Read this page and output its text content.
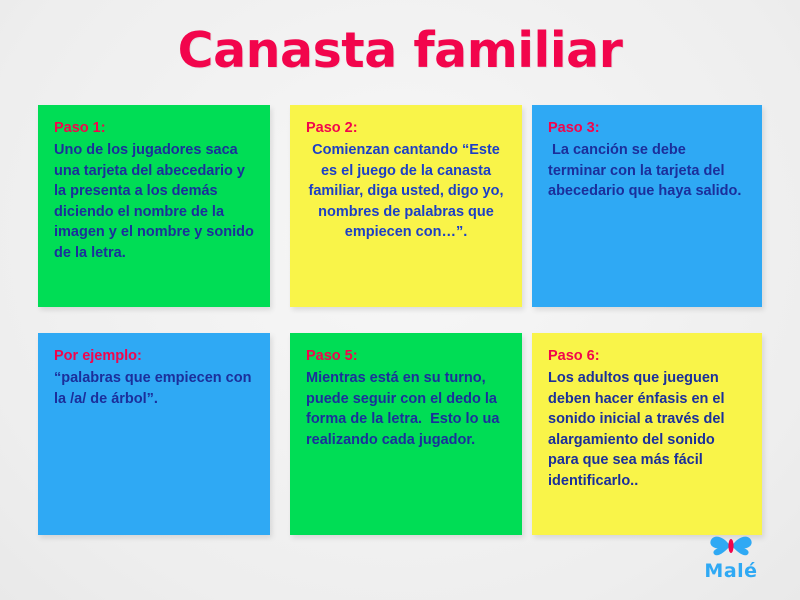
Canasta familiar
Paso 1:
Uno de los jugadores saca una tarjeta del abecedario y la presenta a los demás diciendo el nombre de la imagen y el nombre y sonido de la letra.
Paso 2:
Comienzan cantando “Este es el juego de la canasta familiar, diga usted, digo yo, nombres de palabras que empiecen con…”.
Paso 3:
La canción se debe terminar con la tarjeta del abecedario que haya salido.
Por ejemplo:
“palabras que empiecen con la /a/ de árbol”.
Paso 5:
Mientras está en su turno, puede seguir con el dedo la forma de la letra.  Esto lo ua realizando cada jugador.
Paso 6:
Los adultos que jueguen deben hacer énfasis en el sonido inicial a través del alargamiento del sonido para que sea más fácil identificarlo..
Malé
